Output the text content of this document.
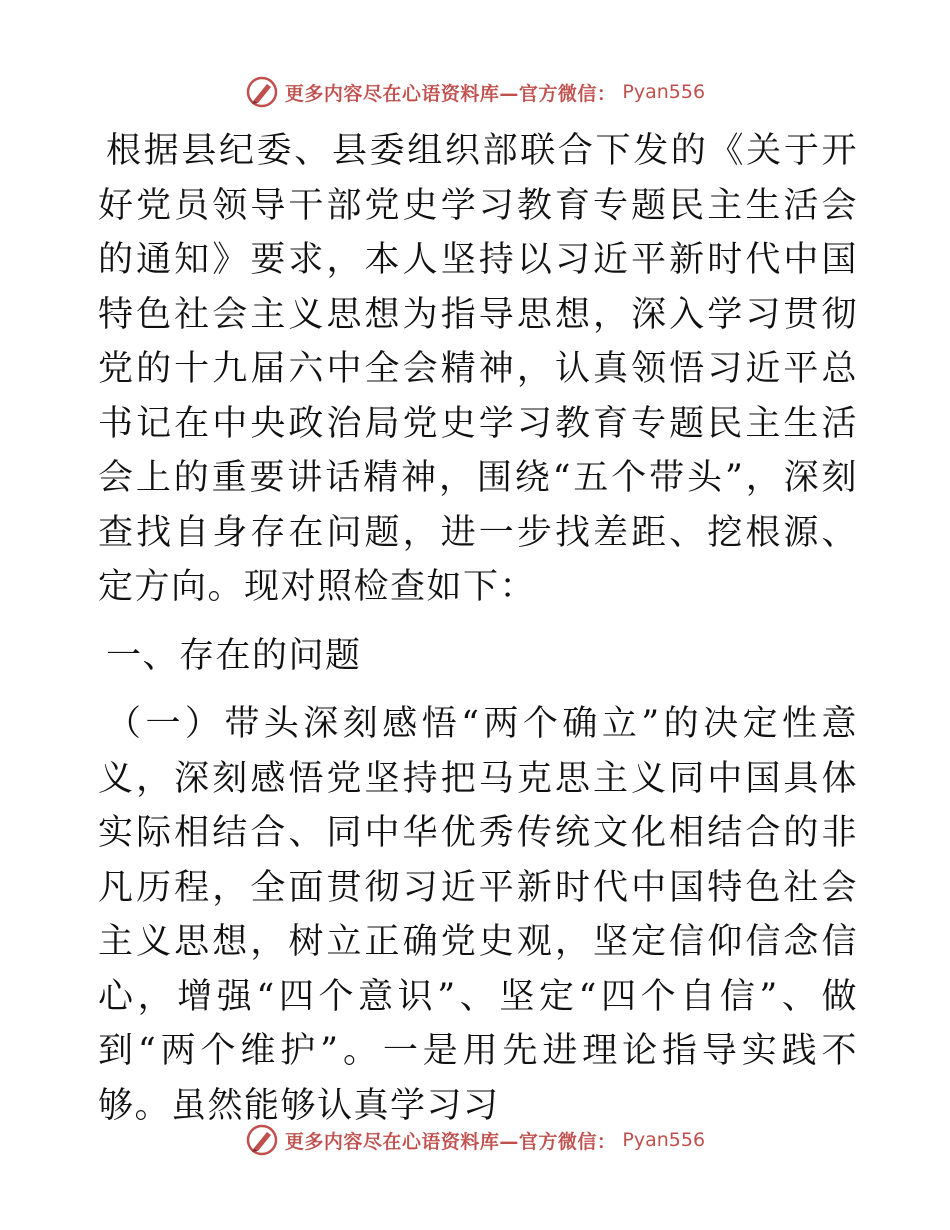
更多内容尽在心语资料库—官方微信： Pyan556

根据县纪委、县委组织部联合下发的《关于开好党员领导干部党史学习教育专题民主生活会的通知》要求，本人坚持以习近平新时代中国特色社会主义思想为指导思想，深入学习贯彻党的十九届六中全会精神，认真领悟习近平总书记在中央政治局党史学习教育专题民主生活会上的重要讲话精神，围绕“五个带头”，深刻查找自身存在问题，进一步找差距、挖根源、定方向。现对照检查如下：

一、存在的问题

（一）带头深刻感悟“两个确立”的决定性意义，深刻感悟党坚持把马克思主义同中国具体实际相结合、同中华优秀传统文化相结合的非凡历程，全面贯彻习近平新时代中国特色社会主义思想，树立正确党史观，坚定信仰信念信心，增强“四个意识”、坚定“四个自信”、做到“两个维护”。一是用先进理论指导实践不够。虽然能够认真学习习

更多内容尽在心语资料库—官方微信： Pyan556
